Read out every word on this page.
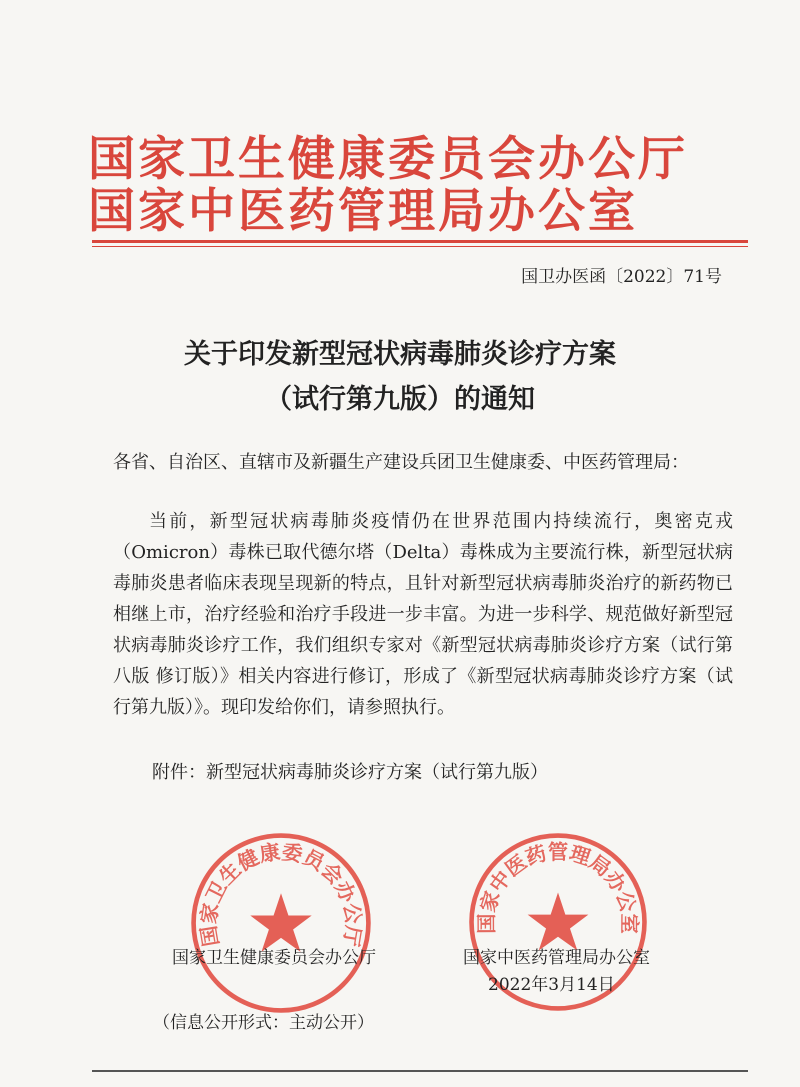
国家卫生健康委员会办公厅
国家中医药管理局办公室
国卫办医函〔2022〕71号
关于印发新型冠状病毒肺炎诊疗方案
（试行第九版）的通知
各省、自治区、直辖市及新疆生产建设兵团卫生健康委、中医药管理局：
当前，新型冠状病毒肺炎疫情仍在世界范围内持续流行，奥密克戎（Omicron）毒株已取代德尔塔（Delta）毒株成为主要流行株，新型冠状病毒肺炎患者临床表现呈现新的特点，且针对新型冠状病毒肺炎治疗的新药物已相继上市，治疗经验和治疗手段进一步丰富。为进一步科学、规范做好新型冠状病毒肺炎诊疗工作，我们组织专家对《新型冠状病毒肺炎诊疗方案（试行第八版 修订版）》相关内容进行修订，形成了《新型冠状病毒肺炎诊疗方案（试行第九版）》。现印发给你们，请参照执行。
附件：新型冠状病毒肺炎诊疗方案（试行第九版）
国家卫生健康委员会办公厅
国家中医药管理局办公室
国家卫生健康委员会办公厅	国家中医药管理局办公室
2022年3月14日
（信息公开形式：主动公开）
